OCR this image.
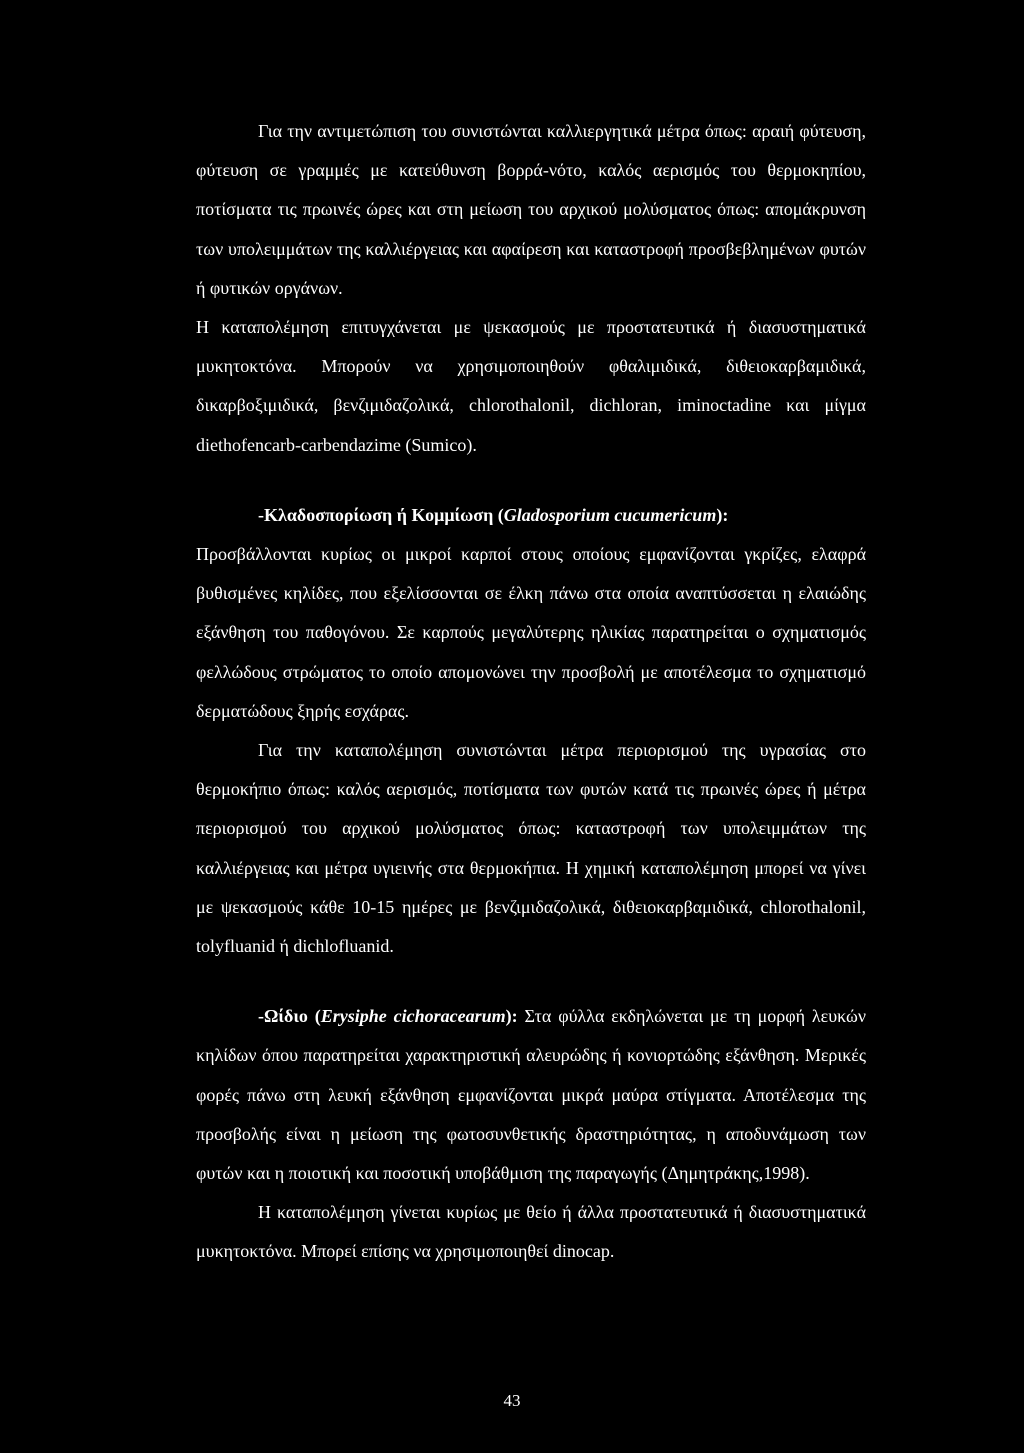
Για την αντιμετώπιση του συνιστώνται καλλιεργητικά μέτρα όπως: αραιή φύτευση, φύτευση σε γραμμές με κατεύθυνση βορρά-νότο, καλός αερισμός του θερμοκηπίου, ποτίσματα τις πρωινές ώρες και στη μείωση του αρχικού μολύσματος όπως: απομάκρυνση των υπολειμμάτων της καλλιέργειας και αφαίρεση και καταστροφή προσβεβλημένων φυτών ή φυτικών οργάνων.

Η καταπολέμηση επιτυγχάνεται με ψεκασμούς με προστατευτικά ή διασυστηματικά μυκητοκτόνα. Μπορούν να χρησιμοποιηθούν φθαλιμιδικά, διθειοκαρβαμιδικά, δικαρβοξιμιδικά, βενζιμιδαζολικά, chlorothalonil, dichloran, iminoctadine και μίγμα diethofencarb-carbendazime (Sumico).

-Κλαδοσπορίωση ή Κομμίωση (Gladosporium cucumericum):

Προσβάλλονται κυρίως οι μικροί καρποί στους οποίους εμφανίζονται γκρίζες, ελαφρά βυθισμένες κηλίδες, που εξελίσσονται σε έλκη πάνω στα οποία αναπτύσσεται η ελαιώδης εξάνθηση του παθογόνου. Σε καρπούς μεγαλύτερης ηλικίας παρατηρείται ο σχηματισμός φελλώδους στρώματος το οποίο απομονώνει την προσβολή με αποτέλεσμα το σχηματισμό δερματώδους ξηρής εσχάρας.

Για την καταπολέμηση συνιστώνται μέτρα περιορισμού της υγρασίας στο θερμοκήπιο όπως: καλός αερισμός, ποτίσματα των φυτών κατά τις πρωινές ώρες ή μέτρα περιορισμού του αρχικού μολύσματος όπως: καταστροφή των υπολειμμάτων της καλλιέργειας και μέτρα υγιεινής στα θερμοκήπια. Η χημική καταπολέμηση μπορεί να γίνει με ψεκασμούς κάθε 10-15 ημέρες με βενζιμιδαζολικά, διθειοκαρβαμιδικά, chlorothalonil, tolyfluanid ή dichlofluanid.

-Ωίδιο (Erysiphe cichoracearum): Στα φύλλα εκδηλώνεται με τη μορφή λευκών κηλίδων όπου παρατηρείται χαρακτηριστική αλευρώδης ή κονιορτώδης εξάνθηση. Μερικές φορές πάνω στη λευκή εξάνθηση εμφανίζονται μικρά μαύρα στίγματα. Αποτέλεσμα της προσβολής είναι η μείωση της φωτοσυνθετικής δραστηριότητας, η αποδυνάμωση των φυτών και η ποιοτική και ποσοτική υποβάθμιση της παραγωγής (Δημητράκης,1998).

Η καταπολέμηση γίνεται κυρίως με θείο ή άλλα προστατευτικά ή διασυστηματικά μυκητοκτόνα. Μπορεί επίσης να χρησιμοποιηθεί dinocap.

43
